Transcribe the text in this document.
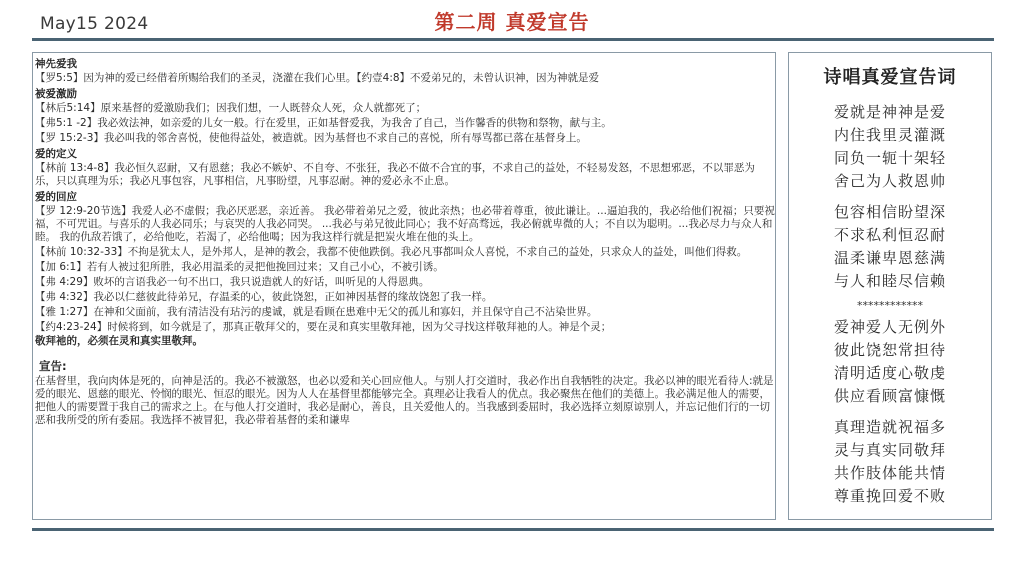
May15 2024	第二周 真爱宣告
神先爱我
【罗5:5】因为神的爱已经借着所赐给我们的圣灵，浇灌在我们心里。【约壹4:8】不爱弟兄的，未曾认识神，因为神就是爱
被爱激励
【林后5:14】原来基督的爱激励我们；因我们想，一人既替众人死，众人就都死了；
【弗5:1 -2】我必效法神，如亲爱的儿女一般。行在爱里，正如基督爱我，为我舍了自己，当作馨香的供物和祭物，献与主。
【罗 15:2-3】我必叫我的邻舍喜悦，使他得益处，被造就。因为基督也不求自己的喜悦，所有辱骂都已落在基督身上。
爱的定义
【林前 13:4-8】我必恒久忍耐，又有恩慈；我必不嫉妒、不自夸、不张狂，我必不做不合宜的事，不求自己的益处，不轻易发怒，不思想邪恶，不以罪恶为乐，只以真理为乐；我必凡事包容，凡事相信，凡事盼望，凡事忍耐。神的爱必永不止息。
爱的回应
【罗 12:9-20节选】我爱人必不虚假；我必厌恶恶，亲近善。 我必带着弟兄之爱，彼此亲热；也必带着尊重，彼此谦让。...逼迫我的，我必给他们祝福；只要祝福，不可咒诅。与喜乐的人我必同乐；与哀哭的人我必同哭。 ...我必与弟兄彼此同心；我不好高骛远，我必俯就卑微的人；不自以为聪明。...我必尽力与众人和睦。 我的仇敌若饿了，必给他吃，若渴了，必给他喝；因为我这样行就是把炭火堆在他的头上。
【林前 10:32-33】不拘是犹太人，是外邦人，是神的教会，我都不使他跌倒。我必凡事都叫众人喜悦，不求自己的益处，只求众人的益处，叫他们得救。
【加 6:1】若有人被过犯所胜，我必用温柔的灵把他挽回过来；又自己小心，不被引诱。
【弗 4:29】败坏的言语我必一句不出口，我只说造就人的好话，叫听见的人得恩典。
【弗 4:32】我必以仁慈彼此待弟兄，存温柔的心，彼此饶恕，正如神因基督的缘故饶恕了我一样。
【雅 1:27】在神和父面前，我有清洁没有玷污的虔诚，就是看顾在患难中无父的孤儿和寡妇，并且保守自己不沾染世界。
【约4:23-24】时候将到，如今就是了，那真正敬拜父的，要在灵和真实里敬拜祂，因为父寻找这样敬拜祂的人。神是个灵；
敬拜祂的，必须在灵和真实里敬拜。
宣告:
在基督里，我向肉体是死的，向神是活的。我必不被激怒，也必以爱和关心回应他人。与别人打交道时，我必作出自我牺牲的决定。我必以神的眼光看待人:就是爱的眼光、恩慈的眼光、怜悯的眼光、恒忍的眼光。因为人人在基督里都能够完全。真理必让我看人的优点。我必聚焦在他们的美德上。我必满足他人的需要，把他人的需要置于我自己的需求之上。在与他人打交道时，我必是耐心，善良，且关爱他人的。当我感到委屈时，我必选择立刻原谅别人，并忘记他们行的一切恶和我所受的所有委屈。我选择不被冒犯，我必带着基督的柔和谦卑
诗唱真爱宣告词
爱就是神神是爱
内住我里灵灌溉
同负一轭十架轻
舍己为人救恩帅
包容相信盼望深
不求私利恒忍耐
温柔谦卑恩慈满
与人和睦尽信赖
************
爱神爱人无例外
彼此饶恕常担待
清明适度心敬虔
供应看顾富慷慨
真理造就祝福多
灵与真实同敬拜
共作肢体能共情
尊重挽回爱不败
